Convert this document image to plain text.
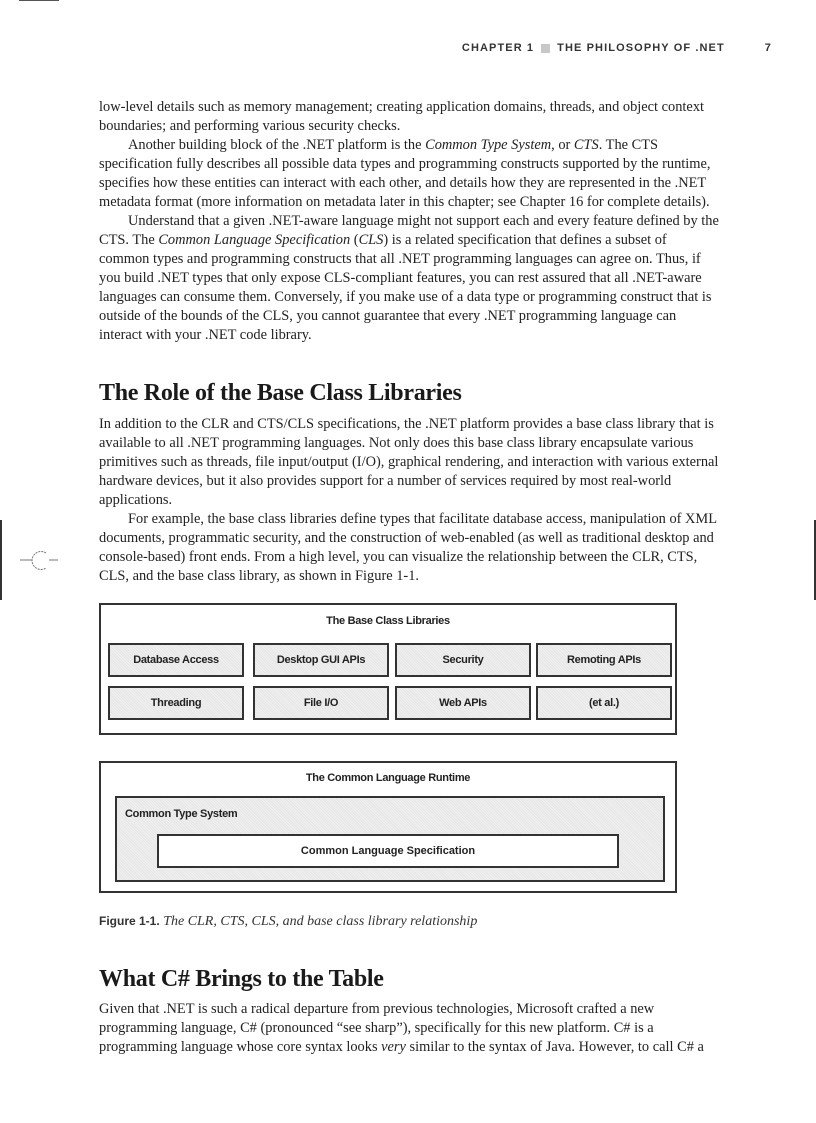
CHAPTER 1 THE PHILOSOPHY OF .NET	7

low-level details such as memory management; creating application domains, threads, and object context boundaries; and performing various security checks.

Another building block of the .NET platform is the Common Type System, or CTS. The CTS specification fully describes all possible data types and programming constructs supported by the runtime, specifies how these entities can interact with each other, and details how they are represented in the .NET metadata format (more information on metadata later in this chapter; see Chapter 16 for complete details).

Understand that a given .NET-aware language might not support each and every feature defined by the CTS. The Common Language Specification (CLS) is a related specification that defines a subset of common types and programming constructs that all .NET programming languages can agree on. Thus, if you build .NET types that only expose CLS-compliant features, you can rest assured that all .NET-aware languages can consume them. Conversely, if you make use of a data type or programming construct that is outside of the bounds of the CLS, you cannot guarantee that every .NET programming language can interact with your .NET code library.

The Role of the Base Class Libraries

In addition to the CLR and CTS/CLS specifications, the .NET platform provides a base class library that is available to all .NET programming languages. Not only does this base class library encapsulate various primitives such as threads, file input/output (I/O), graphical rendering, and interaction with various external hardware devices, but it also provides support for a number of services required by most real-world applications.

For example, the base class libraries define types that facilitate database access, manipulation of XML documents, programmatic security, and the construction of web-enabled (as well as traditional desktop and console-based) front ends. From a high level, you can visualize the relationship between the CLR, CTS, CLS, and the base class library, as shown in Figure 1-1.

The Base Class Libraries
Database Access	Desktop GUI APIs	Security	Remoting APIs
Threading	File I/O	Web APIs	(et al.)
The Common Language Runtime
Common Type System
Common Language Specification
Figure 1-1. The CLR, CTS, CLS, and base class library relationship
What C# Brings to the Table

Given that .NET is such a radical departure from previous technologies, Microsoft crafted a new programming language, C# (pronounced “see sharp”), specifically for this new platform. C# is a programming language whose core syntax looks very similar to the syntax of Java. However, to call C# a
